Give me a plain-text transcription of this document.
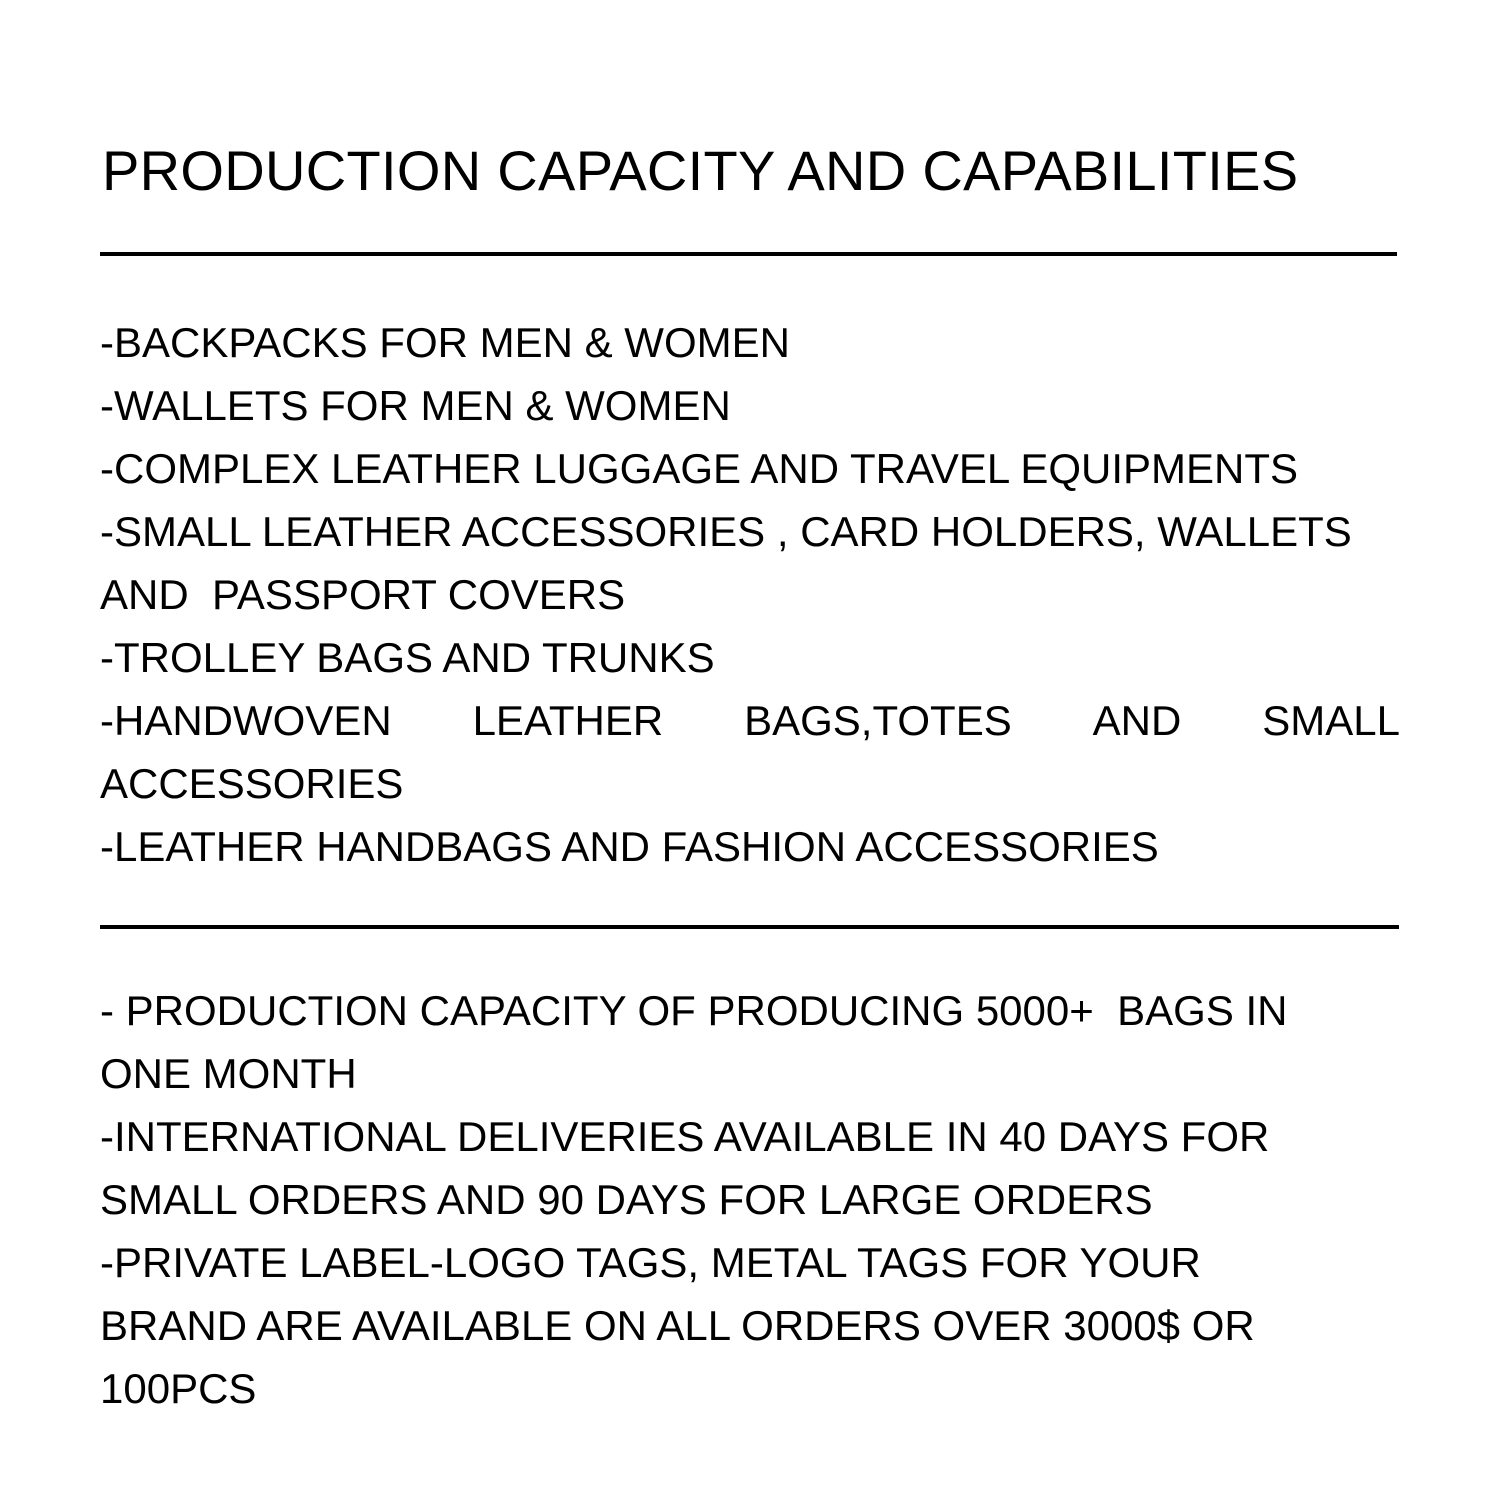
PRODUCTION CAPACITY AND CAPABILITIES
-BACKPACKS FOR MEN & WOMEN
-WALLETS FOR MEN & WOMEN
-COMPLEX LEATHER LUGGAGE AND TRAVEL EQUIPMENTS
-SMALL LEATHER ACCESSORIES , CARD HOLDERS, WALLETS
AND  PASSPORT COVERS
-TROLLEY BAGS AND TRUNKS
-HANDWOVEN LEATHER BAGS,TOTES AND SMALL
ACCESSORIES
-LEATHER HANDBAGS AND FASHION ACCESSORIES
- PRODUCTION CAPACITY OF PRODUCING 5000+  BAGS IN
ONE MONTH
-INTERNATIONAL DELIVERIES AVAILABLE IN 40 DAYS FOR
SMALL ORDERS AND 90 DAYS FOR LARGE ORDERS
-PRIVATE LABEL-LOGO TAGS, METAL TAGS FOR YOUR
BRAND ARE AVAILABLE ON ALL ORDERS OVER 3000$ OR
100PCS
